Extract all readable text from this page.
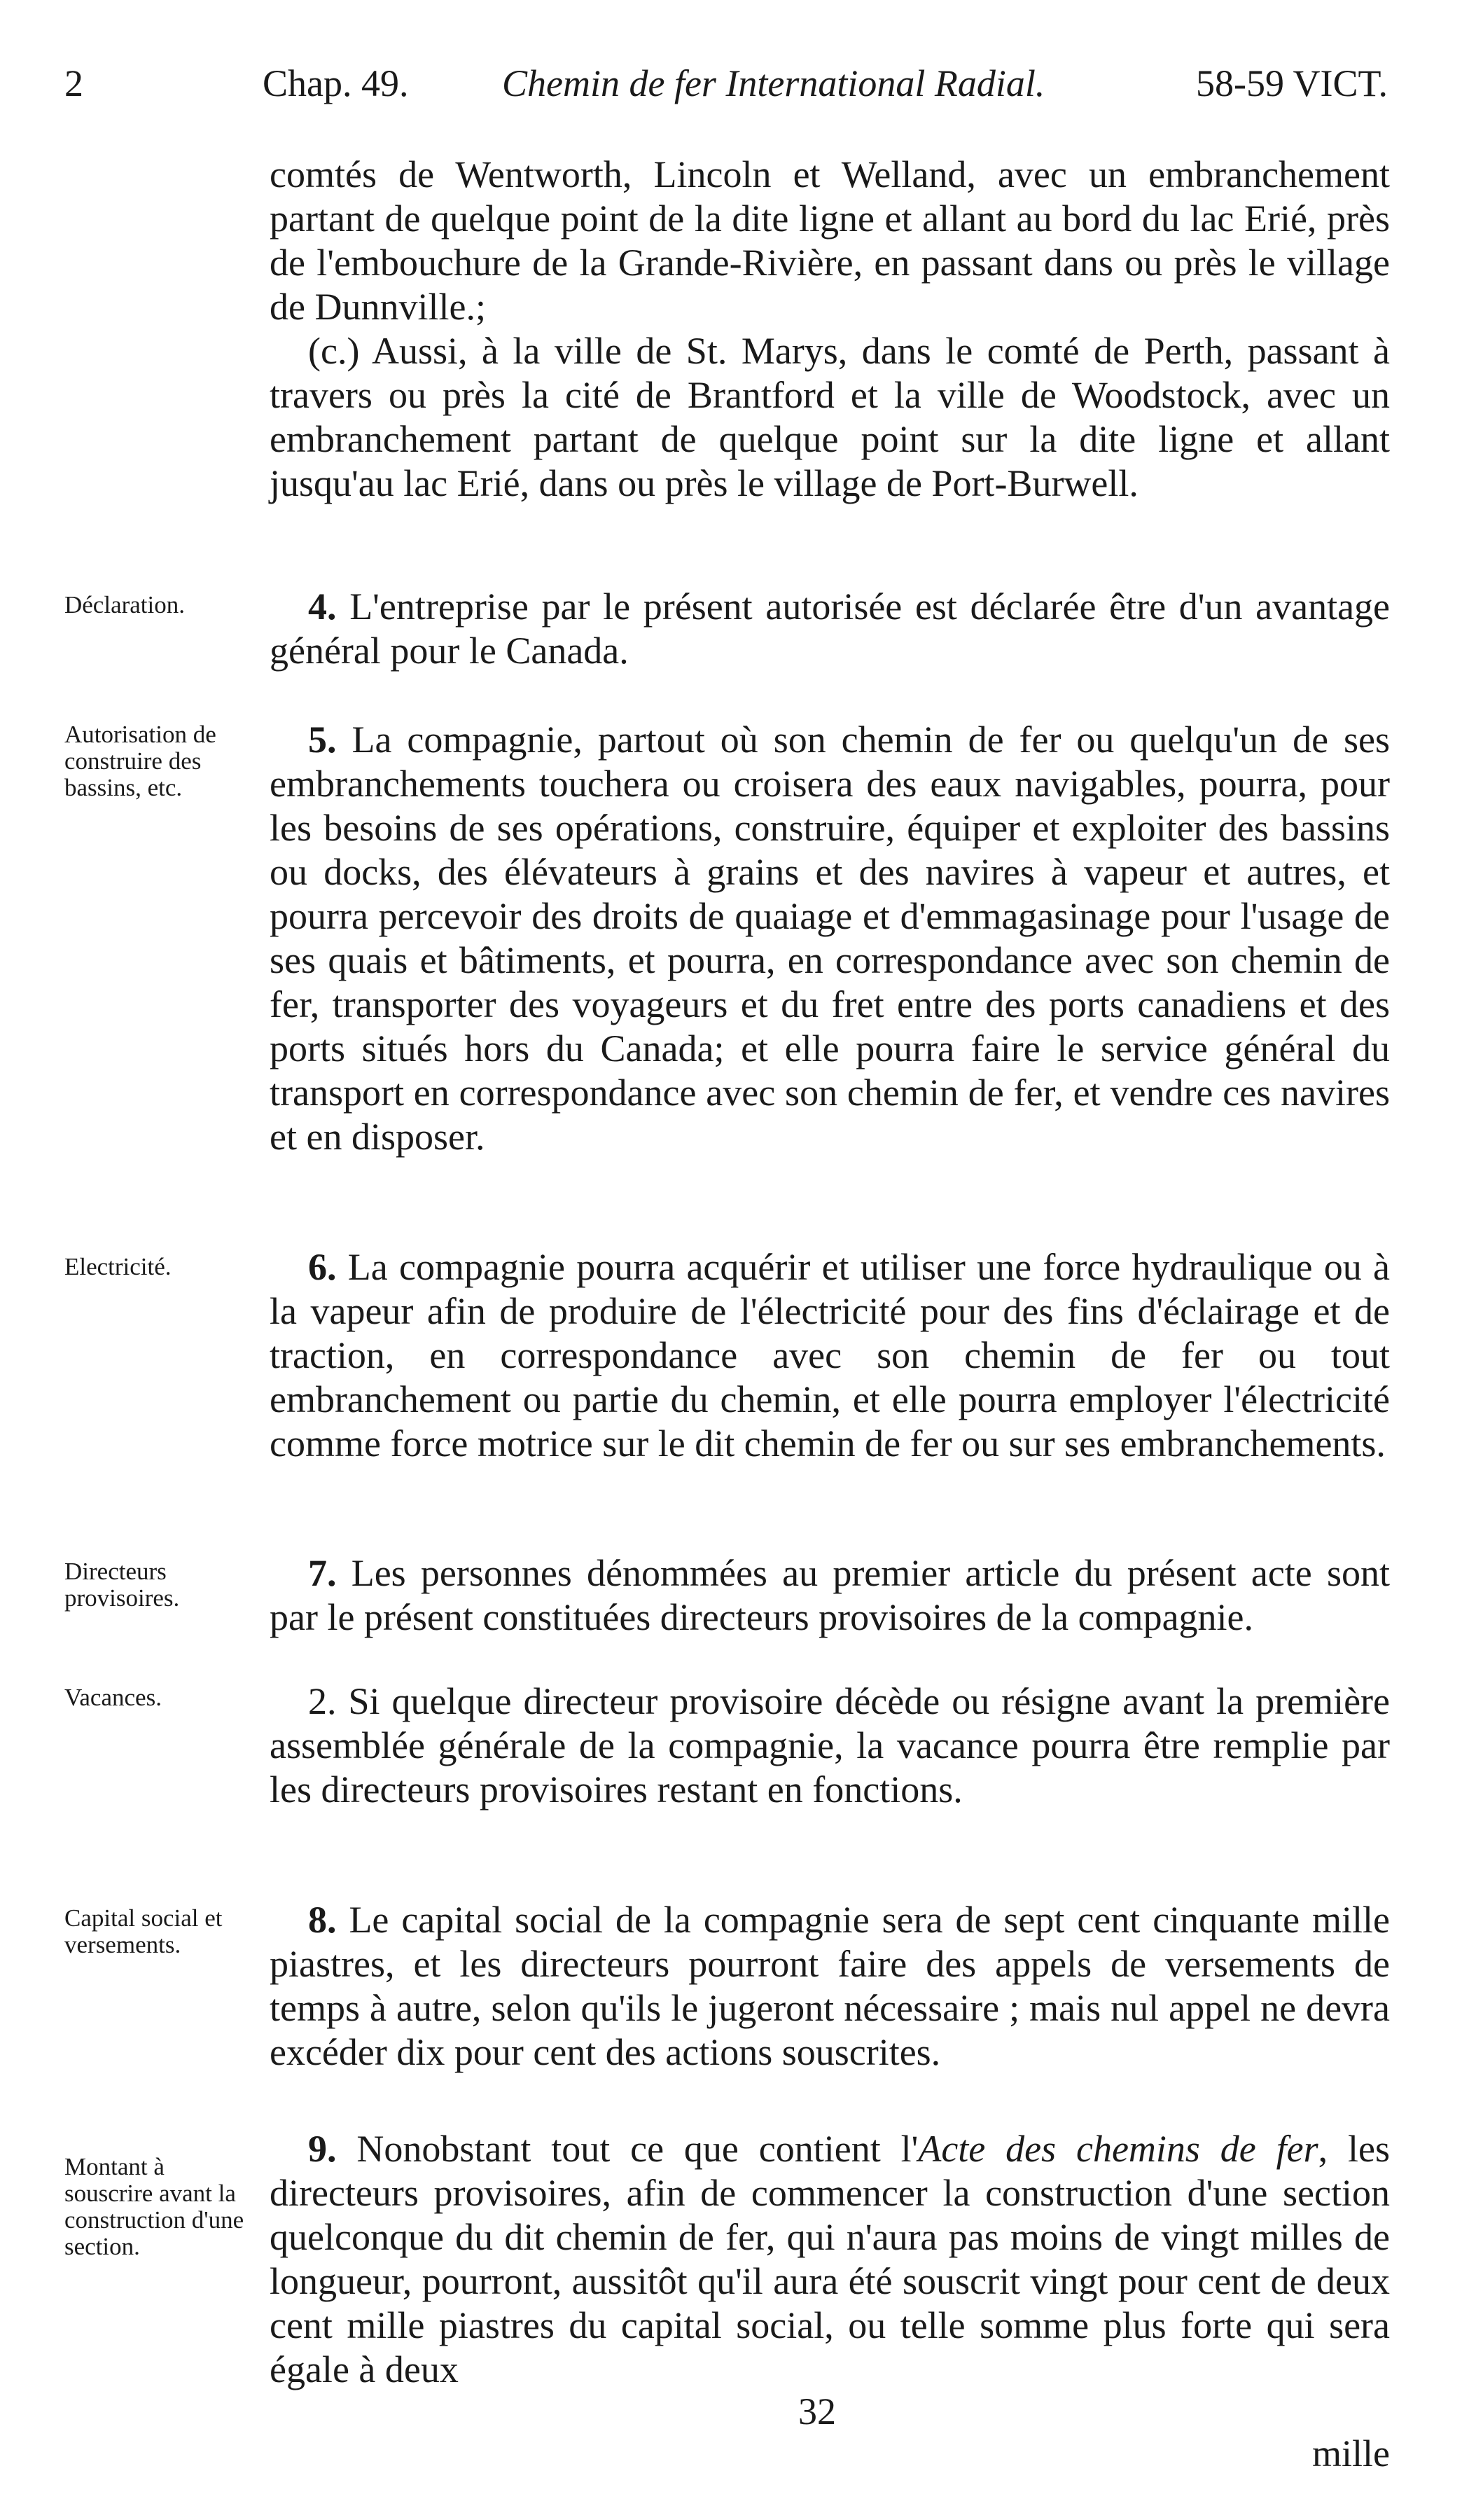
2	Chap. 49. Chemin de fer International Radial.	58-59 VICT.

comtés de Wentworth, Lincoln et Welland, avec un embranchement partant de quelque point de la dite ligne et allant au bord du lac Erié, près de l'embouchure de la Grande-Rivière, en passant dans ou près le village de Dunnville.;

(c.) Aussi, à la ville de St. Marys, dans le comté de Perth, passant à travers ou près la cité de Brantford et la ville de Woodstock, avec un embranchement partant de quelque point sur la dite ligne et allant jusqu'au lac Erié, dans ou près le village de Port-Burwell.

Déclaration.	4. L'entreprise par le présent autorisée est déclarée être d'un avantage général pour le Canada.

Autorisation de construire des bassins, etc.

5. La compagnie, partout où son chemin de fer ou quelqu'un de ses embranchements touchera ou croisera des eaux navigables, pourra, pour les besoins de ses opérations, construire, équiper et exploiter des bassins ou docks, des élévateurs à grains et des navires à vapeur et autres, et pourra percevoir des droits de quaiage et d'emmagasinage pour l'usage de ses quais et bâtiments, et pourra, en correspondance avec son chemin de fer, transporter des voyageurs et du fret entre des ports canadiens et des ports situés hors du Canada; et elle pourra faire le service général du transport en correspondance avec son chemin de fer, et vendre ces navires et en disposer.

Electricité.	6. La compagnie pourra acquérir et utiliser une force hydraulique ou à la vapeur afin de produire de l'électricité pour des fins d'éclairage et de traction, en correspondance avec son chemin de fer ou tout embranchement ou partie du chemin, et elle pourra employer l'électricité comme force motrice sur le dit chemin de fer ou sur ses embranchements.

Directeurs provisoires.

7. Les personnes dénommées au premier article du présent acte sont par le présent constituées directeurs provisoires de la compagnie.

Vacances.	2. Si quelque directeur provisoire décède ou résigne avant la première assemblée générale de la compagnie, la vacance pourra être remplie par les directeurs provisoires restant en fonctions.

Capital social et versements.

8. Le capital social de la compagnie sera de sept cent cinquante mille piastres, et les directeurs pourront faire des appels de versements de temps à autre, selon qu'ils le jugeront nécessaire ; mais nul appel ne devra excéder dix pour cent des actions souscrites.

Montant à souscrire avant la construction d'une section.

9. Nonobstant tout ce que contient l'Acte des chemins de fer, les directeurs provisoires, afin de commencer la construction d'une section quelconque du dit chemin de fer, qui n'aura pas moins de vingt milles de longueur, pourront, aussitôt qu'il aura été souscrit vingt pour cent de deux cent mille piastres du capital social, ou telle somme plus forte qui sera égale à deux

32
mille
